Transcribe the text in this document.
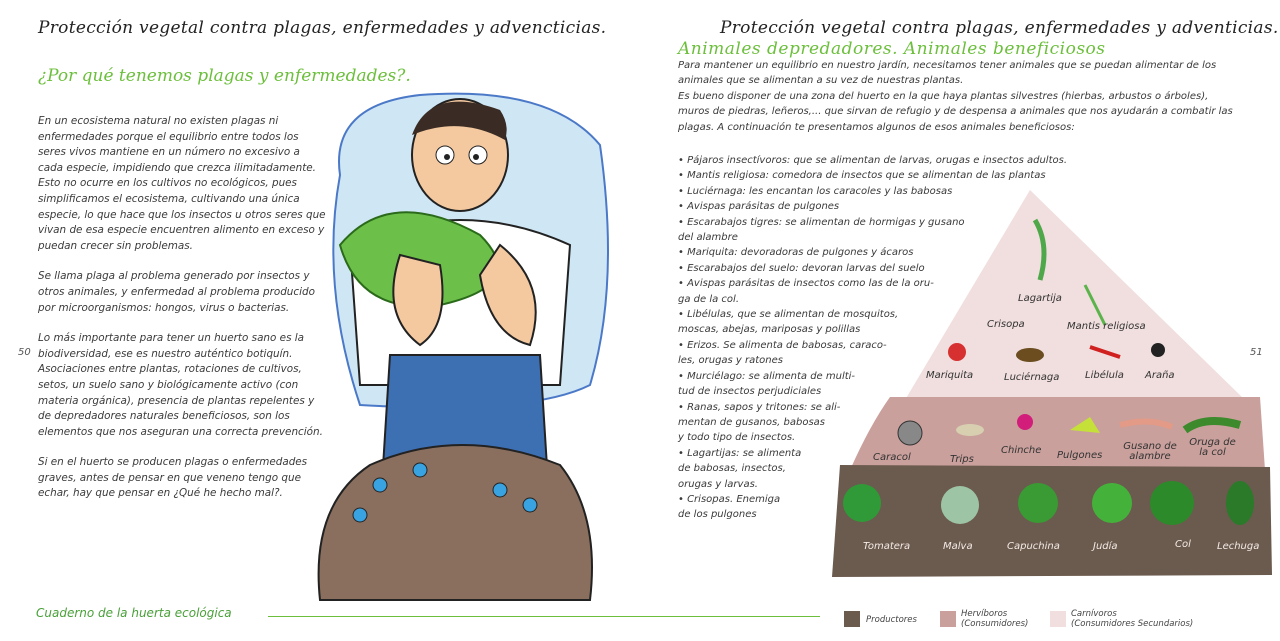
Protección vegetal contra plagas, enfermedades y advencticias.
¿Por qué tenemos plagas y enfermedades?.

En un ecosistema natural no existen plagas ni enfermedades porque el equilibrio entre todos los seres vivos mantiene en un número no excesivo a cada especie, impidiendo que crezca ilimitadamente. Esto no ocurre en los cultivos no ecológicos, pues simplificamos el ecosistema, cultivando una única especie, lo que hace que los insectos u otros seres que vivan de esa especie encuentren alimento en exceso y puedan crecer sin problemas.

Se llama plaga al problema generado por insectos y otros animales, y enfermedad al problema producido por microorganismos: hongos, virus o bacterias.

Lo más importante para tener un huerto sano es la biodiversidad, ese es nuestro auténtico botiquín. Asociaciones entre plantas, rotaciones de cultivos, setos, un suelo sano y biológicamente activo (con materia orgánica), presencia de plantas repelentes y de depredadores naturales beneficiosos, son los elementos que nos aseguran una correcta prevención.

Si en el huerto se producen plagas o enfermedades graves, antes de pensar en que veneno tengo que echar, hay que pensar en ¿Qué he hecho mal?.

50
Cuaderno de la huerta ecológica
Protección vegetal contra plagas, enfermedades y adventicias.
Animales depredadores. Animales beneficiosos

Para mantener un equilibrio en nuestro jardín, necesitamos tener animales que se puedan alimentar de los animales que se alimentan a su vez de nuestras plantas.

Es bueno disponer de una zona del huerto en la que haya plantas silvestres (hierbas, arbustos o árboles), muros de piedras, leñeros,... que sirvan de refugio y de despensa a animales que nos ayudarán a combatir las plagas. A continuación te presentamos algunos de esos animales beneficiosos:

51
Lagartija
Crisopa	Mantis religiosa
Mariquita	Luciérnaga	Libélula Araña
Caracol	Trips
Chinche Pulgones
Gusano de alambre
Oruga de la col
Tomatera	Malva	Capuchina	Judía	Col	Lechuga
• Pájaros insectívoros: que se alimentan de larvas, orugas e insectos adultos.
• Mantis religiosa: comedora de insectos que se alimentan de las plantas
• Luciérnaga: les encantan los caracoles y las babosas
• Avispas parásitas de pulgones
• Escarabajos tigres: se alimentan de hormigas y gusano
del alambre
• Mariquita: devoradoras de pulgones y ácaros
• Escarabajos del suelo: devoran larvas del suelo
• Avispas parásitas de insectos como las de la oru-
ga de la col.
• Libélulas, que se alimentan de mosquitos,
moscas, abejas, mariposas y polillas
• Erizos. Se alimenta de babosas, caraco-
les, orugas y ratones
• Murciélago: se alimenta de multi-
tud de insectos perjudiciales
• Ranas, sapos y tritones: se ali-
mentan de gusanos, babosas
y todo tipo de insectos.
• Lagartijas: se alimenta
de babosas, insectos,
orugas y larvas.
• Crisopas. Enemiga
de los pulgones
Productores
Hervíboros
(Consumidores)
Carnívoros
(Consumidores Secundarios)
